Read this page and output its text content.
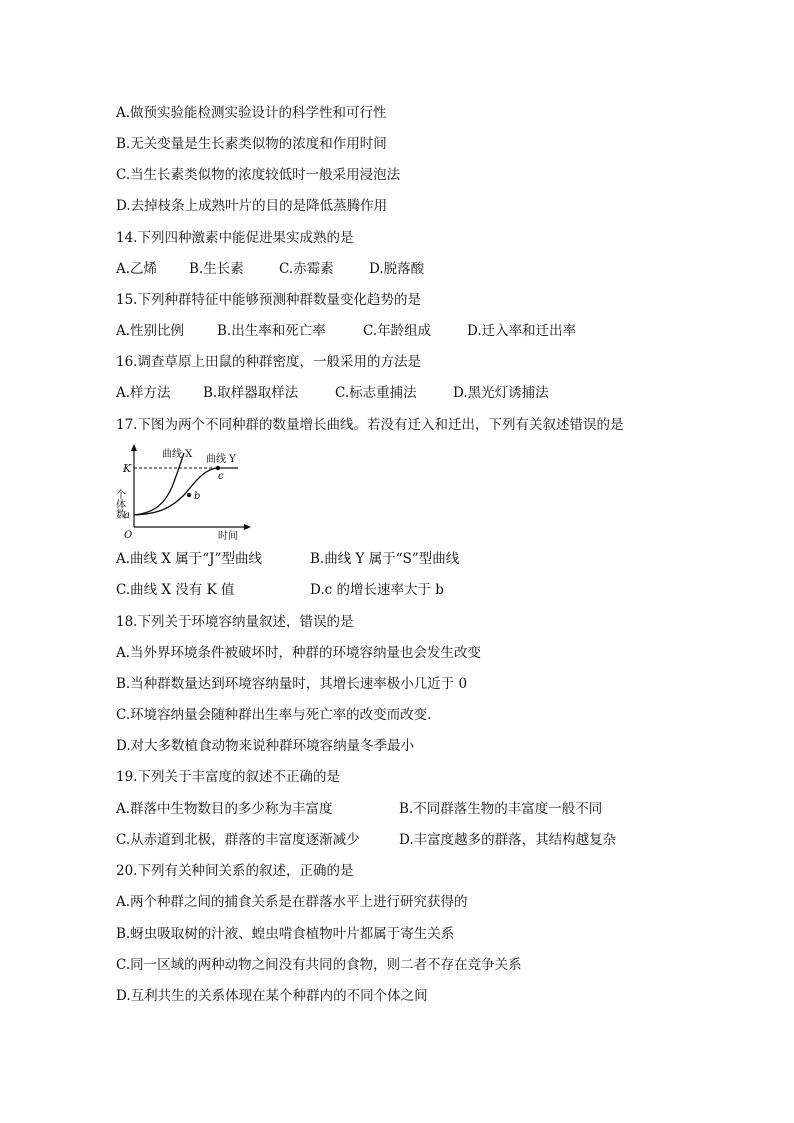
A.做预实验能检测实验设计的科学性和可行性
B.无关变量是生长素类似物的浓度和作用时间
C.当生长素类似物的浓度较低时一般采用浸泡法
D.去掉枝条上成熟叶片的目的是降低蒸腾作用
14.下列四种激素中能促进果实成熟的是
A.乙烯 B.生长素	C.赤霉素	D.脱落酸
15.下列种群特征中能够预测种群数量变化趋势的是
A.性别比例 B.出生率和死亡率	C.年龄组成	D.迁入率和迁出率
16.调查草原上田鼠的种群密度，一般采用的方法是
A.样方法 B.取样器取样法	C.标志重捕法	D.黑光灯诱捕法
17.下图为两个不同种群的数量增长曲线。若没有迁入和迁出，下列有关叙述错误的是
曲线 X 曲线 Y
K
个体数 a
b
c
O	时间
A.曲线 X 属于“J”型曲线	B.曲线 Y 属于“S”型曲线
C.曲线 X 没有 K 值	D.c 的增长速率大于 b
18.下列关于环境容纳量叙述，错误的是
A.当外界环境条件被破坏时，种群的环境容纳量也会发生改变
B.当种群数量达到环境容纳量时，其增长速率极小几近于 0
C.环境容纳量会随种群出生率与死亡率的改变而改变.
D.对大多数植食动物来说种群环境容纳量冬季最小
19.下列关于丰富度的叙述不正确的是
A.群落中生物数目的多少称为丰富度	B.不同群落生物的丰富度一般不同
C.从赤道到北极，群落的丰富度逐渐减少	D.丰富度越多的群落，其结构越复杂
20.下列有关种间关系的叙述，正确的是
A.两个种群之间的捕食关系是在群落水平上进行研究获得的
B.蚜虫吸取树的汁液、蝗虫啃食植物叶片都属于寄生关系
C.同一区域的两种动物之间没有共同的食物，则二者不存在竞争关系
D.互利共生的关系体现在某个种群内的不同个体之间
